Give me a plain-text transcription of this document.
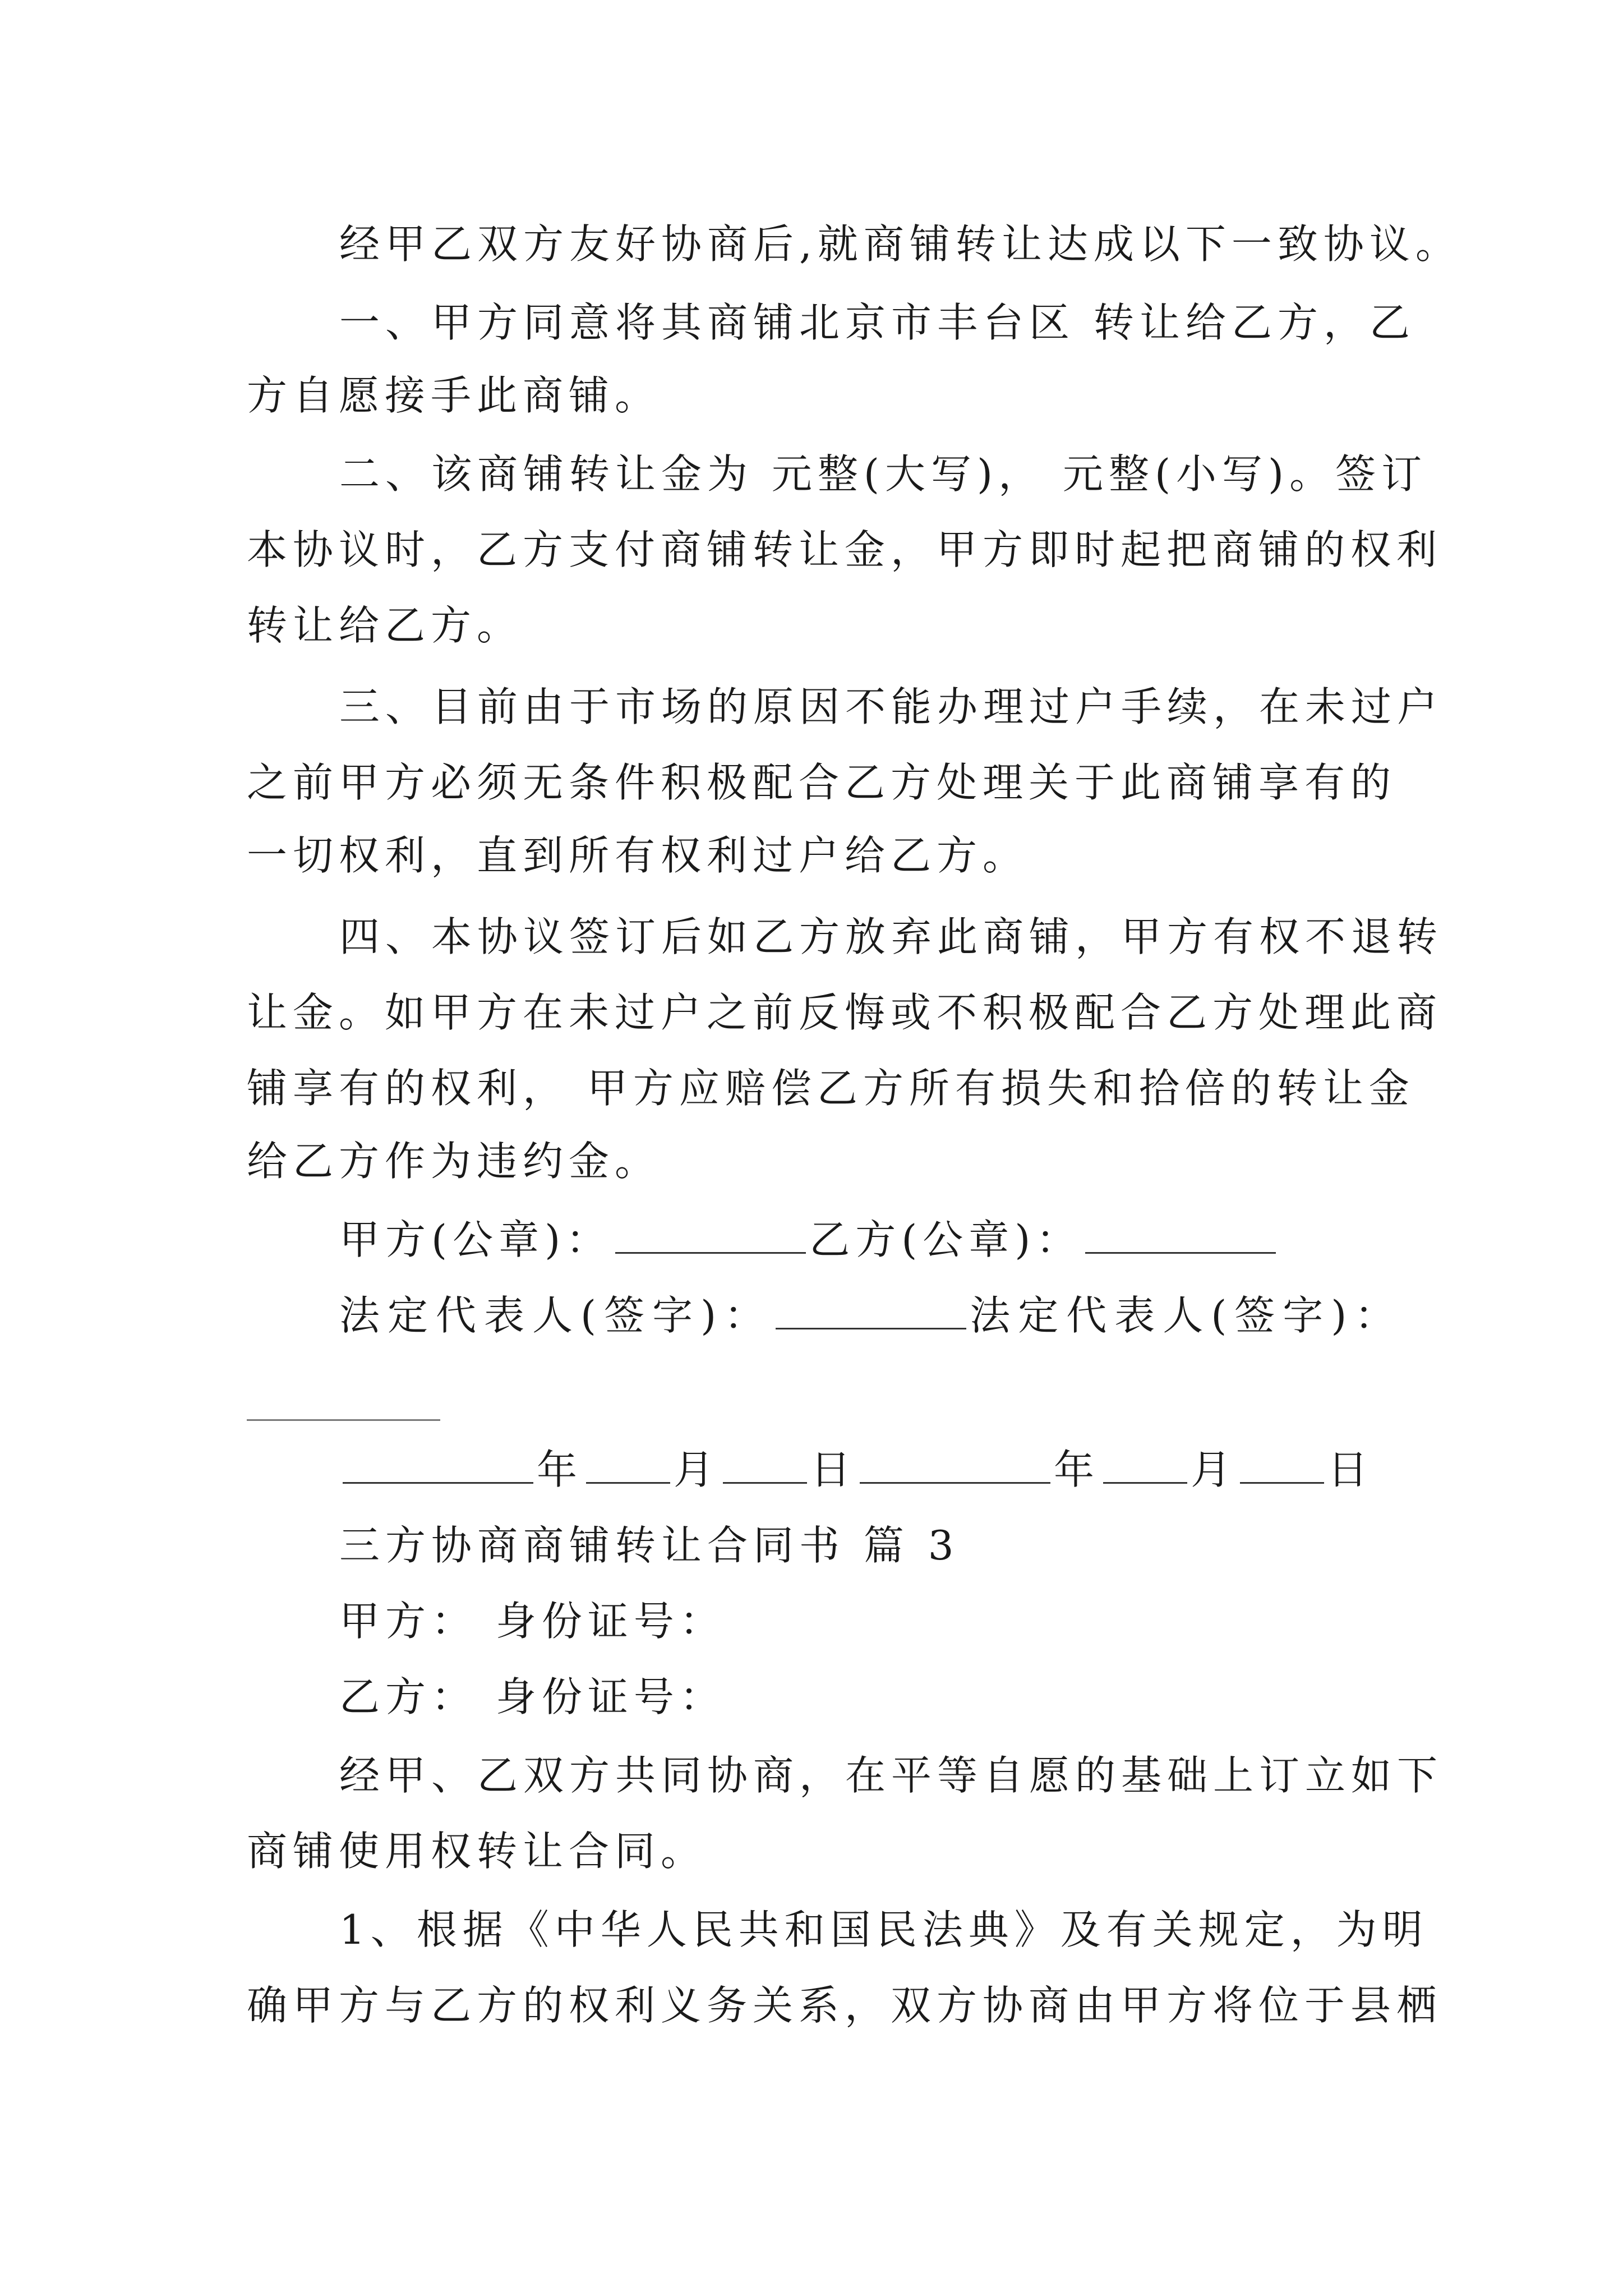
经甲乙双方友好协商后,就商铺转让达成以下一致协议。
一、甲方同意将其商铺北京市丰台区 转让给乙方，乙
方自愿接手此商铺。
二、该商铺转让金为 元整(大写)， 元整(小写)。签订
本协议时，乙方支付商铺转让金，甲方即时起把商铺的权利
转让给乙方。
三、目前由于市场的原因不能办理过户手续，在未过户
之前甲方必须无条件积极配合乙方处理关于此商铺享有的
一切权利，直到所有权利过户给乙方。
四、本协议签订后如乙方放弃此商铺，甲方有权不退转
让金。如甲方在未过户之前反悔或不积极配合乙方处理此商
铺享有的权利， 甲方应赔偿乙方所有损失和拾倍的转让金
给乙方作为违约金。
甲方(公章)：	乙方(公章)：
法定代表人(签字)：	法定代表人(签字)：
年 月 日	年 月 日
三方协商商铺转让合同书 篇 3
甲方： 身份证号：
乙方： 身份证号：
经甲、乙双方共同协商，在平等自愿的基础上订立如下
商铺使用权转让合同。
1、根据《中华人民共和国民法典》及有关规定，为明
确甲方与乙方的权利义务关系，双方协商由甲方将位于县栖
